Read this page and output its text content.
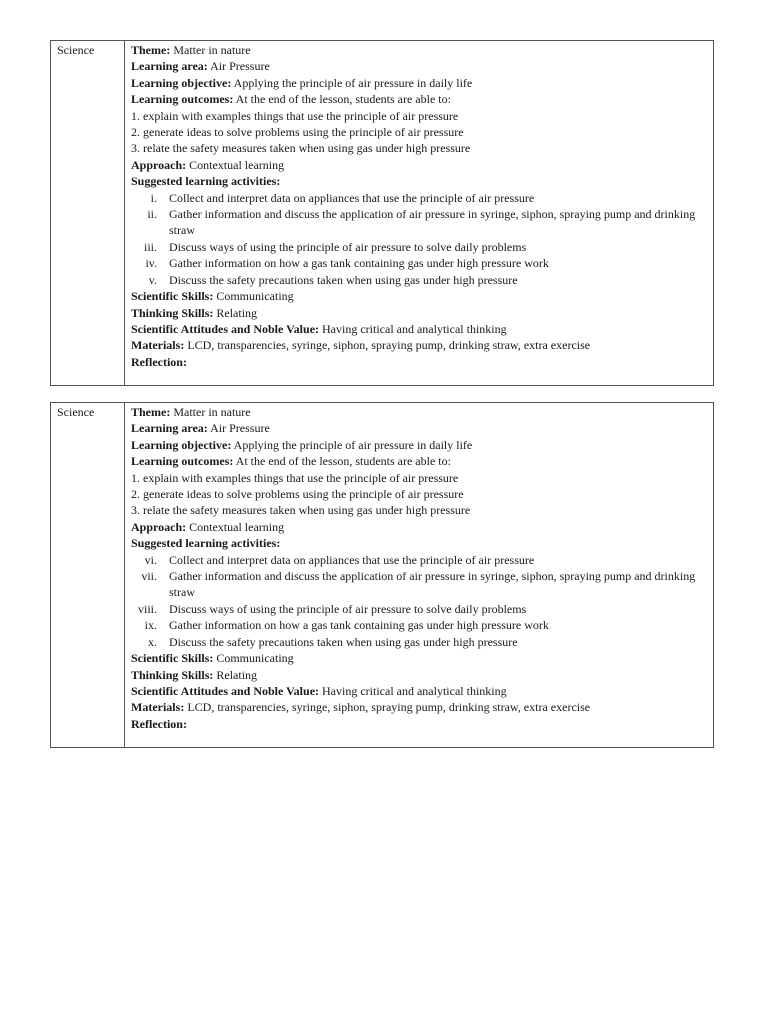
Science	Theme: Matter in nature
Learning area: Air Pressure
Learning objective: Applying the principle of air pressure in daily life
Learning outcomes: At the end of the lesson, students are able to:
1. explain with examples things that use the principle of air pressure
2. generate ideas to solve problems using the principle of air pressure
3. relate the safety measures taken when using gas under high pressure
Approach: Contextual learning
Suggested learning activities:
i.	Collect and interpret data on appliances that use the principle of air pressure
ii.	Gather information and discuss the application of air pressure in syringe, siphon, spraying pump and drinking straw
iii.	Discuss ways of using the principle of air pressure to solve daily problems
iv.	Gather information on how a gas tank containing gas under high pressure work
v.	Discuss the safety precautions taken when using gas under high pressure
Scientific Skills: Communicating
Thinking Skills: Relating
Scientific Attitudes and Noble Value: Having critical and analytical thinking
Materials: LCD, transparencies, syringe, siphon, spraying pump, drinking straw, extra exercise
Reflection:
Science	Theme: Matter in nature
Learning area: Air Pressure
Learning objective: Applying the principle of air pressure in daily life
Learning outcomes: At the end of the lesson, students are able to:
1. explain with examples things that use the principle of air pressure
2. generate ideas to solve problems using the principle of air pressure
3. relate the safety measures taken when using gas under high pressure
Approach: Contextual learning
Suggested learning activities:
vi.	Collect and interpret data on appliances that use the principle of air pressure
vii.	Gather information and discuss the application of air pressure in syringe, siphon, spraying pump and drinking straw
viii.	Discuss ways of using the principle of air pressure to solve daily problems
ix.	Gather information on how a gas tank containing gas under high pressure work
x.	Discuss the safety precautions taken when using gas under high pressure
Scientific Skills: Communicating
Thinking Skills: Relating
Scientific Attitudes and Noble Value: Having critical and analytical thinking
Materials: LCD, transparencies, syringe, siphon, spraying pump, drinking straw, extra exercise
Reflection:
